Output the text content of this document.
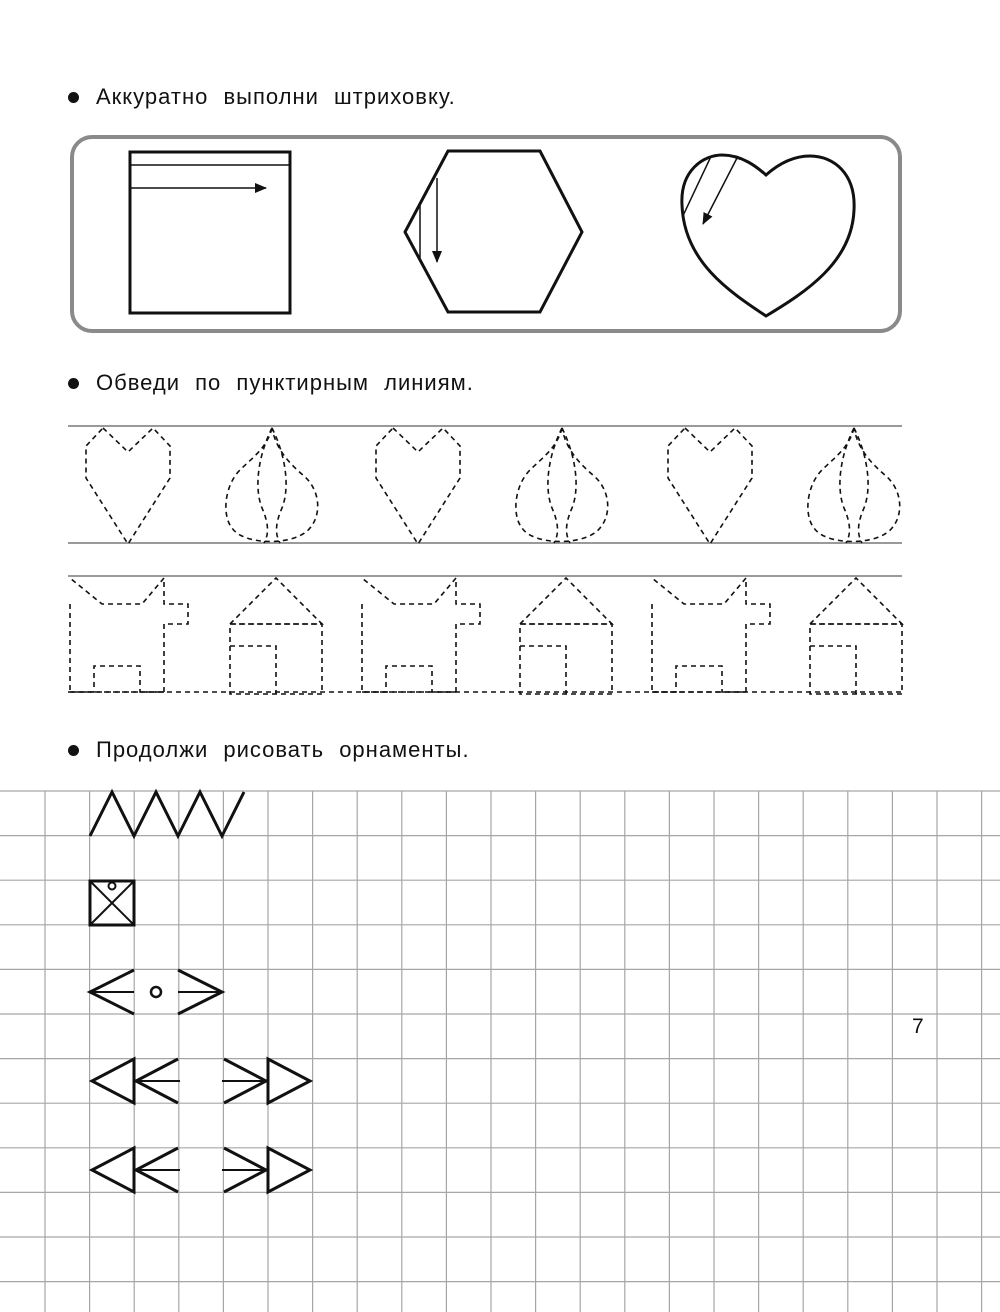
Аккуратно выполни штриховку.
Обведи по пунктирным линиям.
Продолжи рисовать орнаменты.
7
